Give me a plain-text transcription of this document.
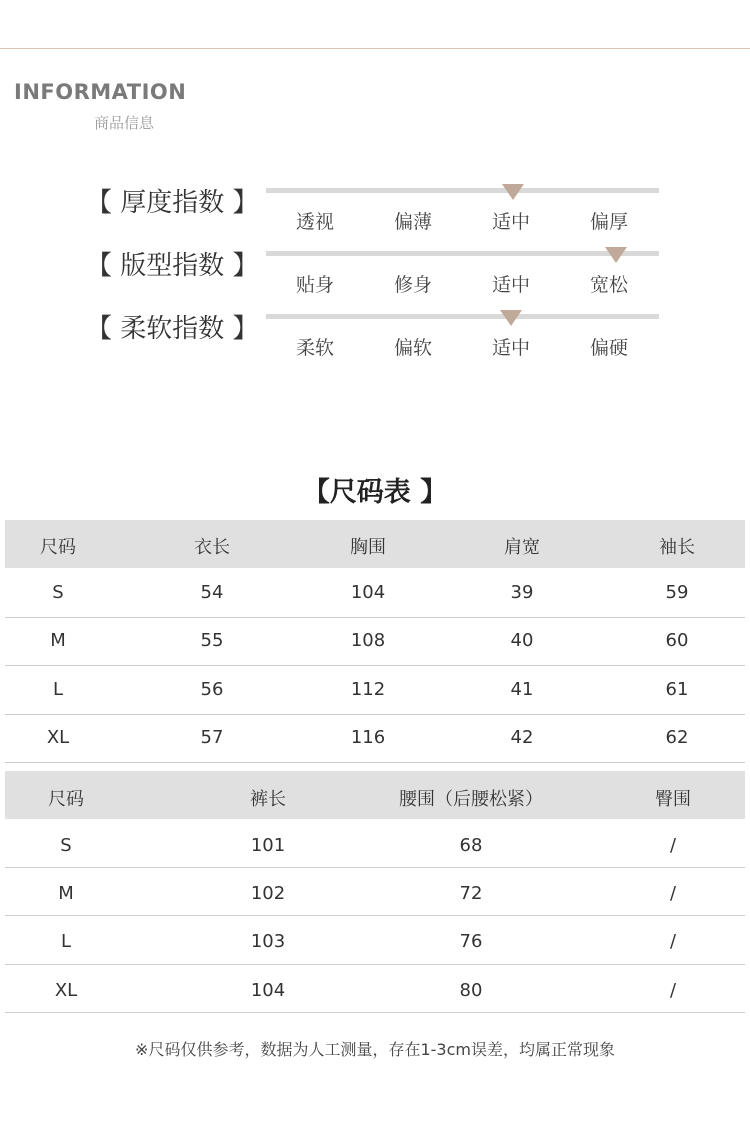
INFORMATION
商品信息
【 厚度指数 】
透视	偏薄	适中	偏厚
【 版型指数 】
贴身	修身	适中	宽松
【 柔软指数 】
柔软	偏软	适中	偏硬
【尺码表 】
尺码	衣长	胸围	肩宽	袖长
S	54	104	39	59
M	55	108	40	60
L	56	112	41	61
XL	57	116	42	62
尺码	裤长	腰围（后腰松紧）	臀围
S	101	68	/
M	102	72	/
L	103	76	/
XL	104	80	/
※尺码仅供参考，数据为人工测量，存在1-3cm误差，均属正常现象
